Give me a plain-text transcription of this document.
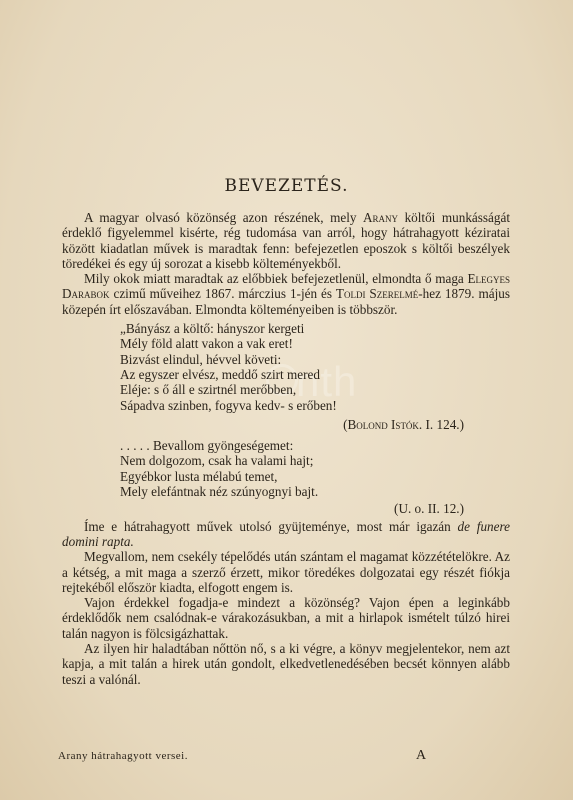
nth
BEVEZETÉS.

A magyar olvasó közönség azon részének, mely Arany költői munkásságát érdeklő figyelemmel kisérte, rég tudomása van arról, hogy hátrahagyott kéziratai között kiadatlan művek is maradtak fenn: befejezetlen eposzok s költői beszélyek töredékei és egy új sorozat a kisebb költeményekből.

Mily okok miatt maradtak az előbbiek befejezetlenül, elmondta ő maga Elegyes Darabok czimű műveihez 1867. márczius 1-jén és Toldi Szerelmé-hez 1879. május közepén írt előszavában. Elmondta költeményeiben is többször.

„Bányász a költő: hányszor kergeti
Mély föld alatt vakon a vak eret!
Bizvást elindul, hévvel követi:
Az egyszer elvész, meddő szirt mered
Eléje: s ő áll e szirtnél merőbben,
Sápadva szinben, fogyva kedv- s erőben!
(Bolond Istók. I. 124.)
. . . . . Bevallom gyöngeségemet:
Nem dolgozom, csak ha valami hajt;
Egyébkor lusta mélabú temet,
Mely elefántnak néz szúnyognyi bajt.
(U. o. II. 12.)

Íme e hátrahagyott művek utolsó gyüjteménye, most már igazán de funere domini rapta.

Megvallom, nem csekély tépelődés után szántam el magamat közzétételökre. Az a kétség, a mit maga a szerző érzett, mikor töredékes dolgozatai egy részét fiókja rejtekéből először kiadta, elfogott engem is.

Vajon érdekkel fogadja-e mindezt a közönség? Vajon épen a leginkább érdeklődők nem csalódnak-e várakozásukban, a mit a hirlapok ismételt túlzó hirei talán nagyon is fölcsigázhattak.

Az ilyen hir haladtában nőttön nő, s a ki végre, a könyv megjelentekor, nem azt kapja, a mit talán a hirek után gondolt, elkedvetlenedésében becsét könnyen alább teszi a valónál.

Arany hátrahagyott versei.	A
